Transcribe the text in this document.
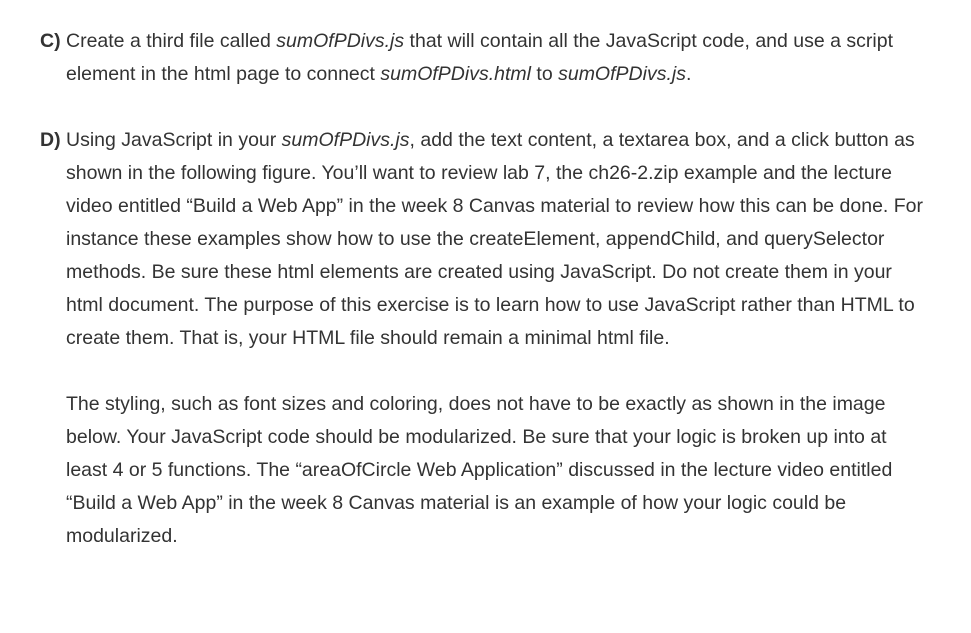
C) Create a third file called sumOfPDivs.js that will contain all the JavaScript code, and use a script
element in the html page to connect sumOfPDivs.html to sumOfPDivs.js.
D) Using JavaScript in your sumOfPDivs.js, add the text content, a textarea box, and a click button as
shown in the following figure. You’ll want to review lab 7, the ch26-2.zip example and the lecture
video entitled “Build a Web App” in the week 8 Canvas material to review how this can be done. For
instance these examples show how to use the createElement, appendChild, and querySelector
methods. Be sure these html elements are created using JavaScript. Do not create them in your
html document. The purpose of this exercise is to learn how to use JavaScript rather than HTML to
create them. That is, your HTML file should remain a minimal html file.
The styling, such as font sizes and coloring, does not have to be exactly as shown in the image
below. Your JavaScript code should be modularized. Be sure that your logic is broken up into at
least 4 or 5 functions. The “areaOfCircle Web Application” discussed in the lecture video entitled
“Build a Web App” in the week 8 Canvas material is an example of how your logic could be
modularized.
